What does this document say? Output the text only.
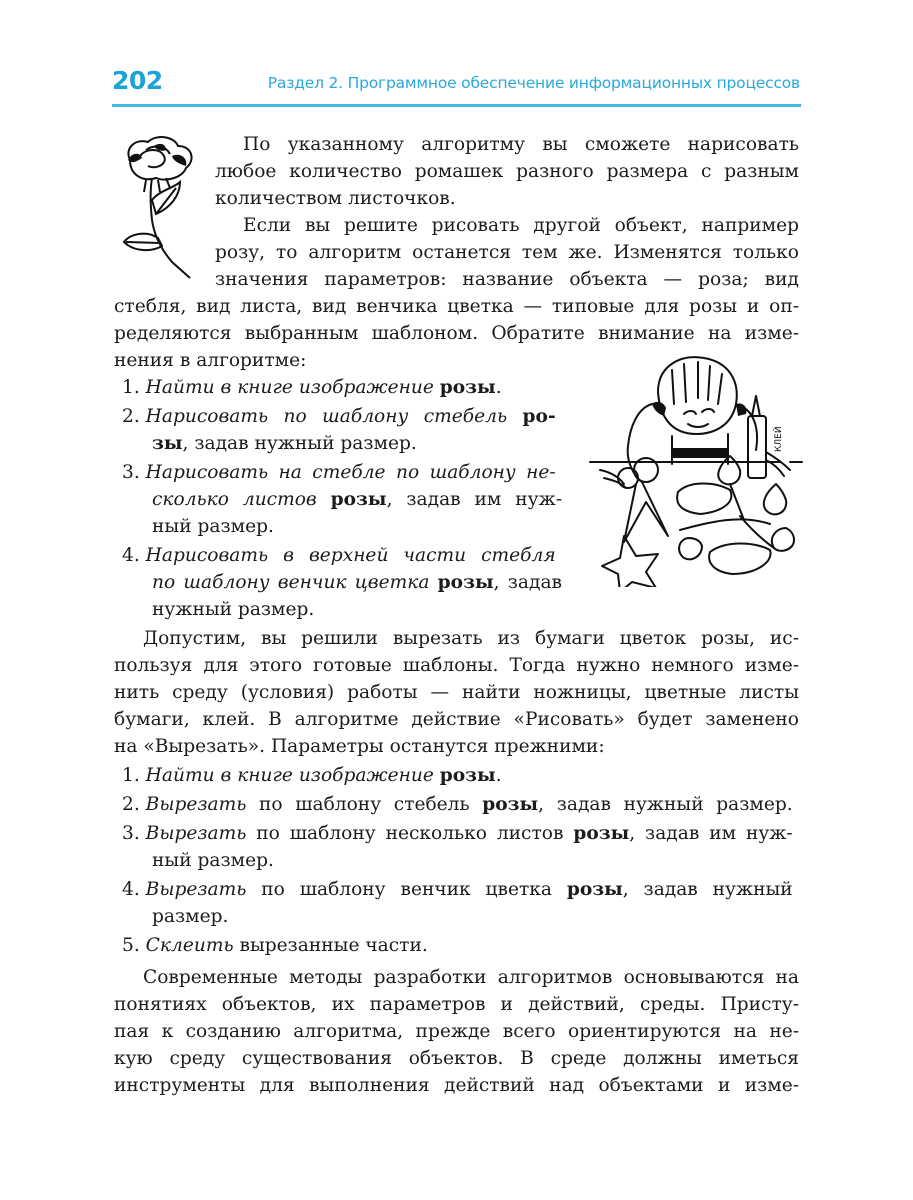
202	Раздел 2. Программное обеспечение информационных процессов
По указанному алгоритму вы сможете нарисовать
любое количество ромашек разного размера с разным
количеством листочков.
Если вы решите рисовать другой объект, например
розу, то алгоритм останется тем же. Изменятся только
значения параметров: название объекта — роза; вид
стебля, вид листа, вид венчика цветка — типовые для розы и оп-
ределяются выбранным шаблоном. Обратите внимание на изме-
нения в алгоритме:
1. Найти в книге изображение розы.
2. Нарисовать по шаблону стебель ро-
зы, задав нужный размер.
3. Нарисовать на стебле по шаблону не-
сколько листов розы, задав им нуж-
ный размер.
4. Нарисовать в верхней части стебля
по шаблону венчик цветка розы, задав
нужный размер.
КЛЕЙ
Допустим, вы решили вырезать из бумаги цветок розы, ис-
пользуя для этого готовые шаблоны. Тогда нужно немного изме-
нить среду (условия) работы — найти ножницы, цветные листы
бумаги, клей. В алгоритме действие «Рисовать» будет заменено
на «Вырезать». Параметры останутся прежними:
1. Найти в книге изображение розы.
2. Вырезать по шаблону стебель розы, задав нужный размер.
3. Вырезать по шаблону несколько листов розы, задав им нуж-
ный размер.
4. Вырезать по шаблону венчик цветка розы, задав нужный
размер.
5. Склеить вырезанные части.
Современные методы разработки алгоритмов основываются на
понятиях объектов, их параметров и действий, среды. Присту-
пая к созданию алгоритма, прежде всего ориентируются на не-
кую среду существования объектов. В среде должны иметься
инструменты для выполнения действий над объектами и изме-
